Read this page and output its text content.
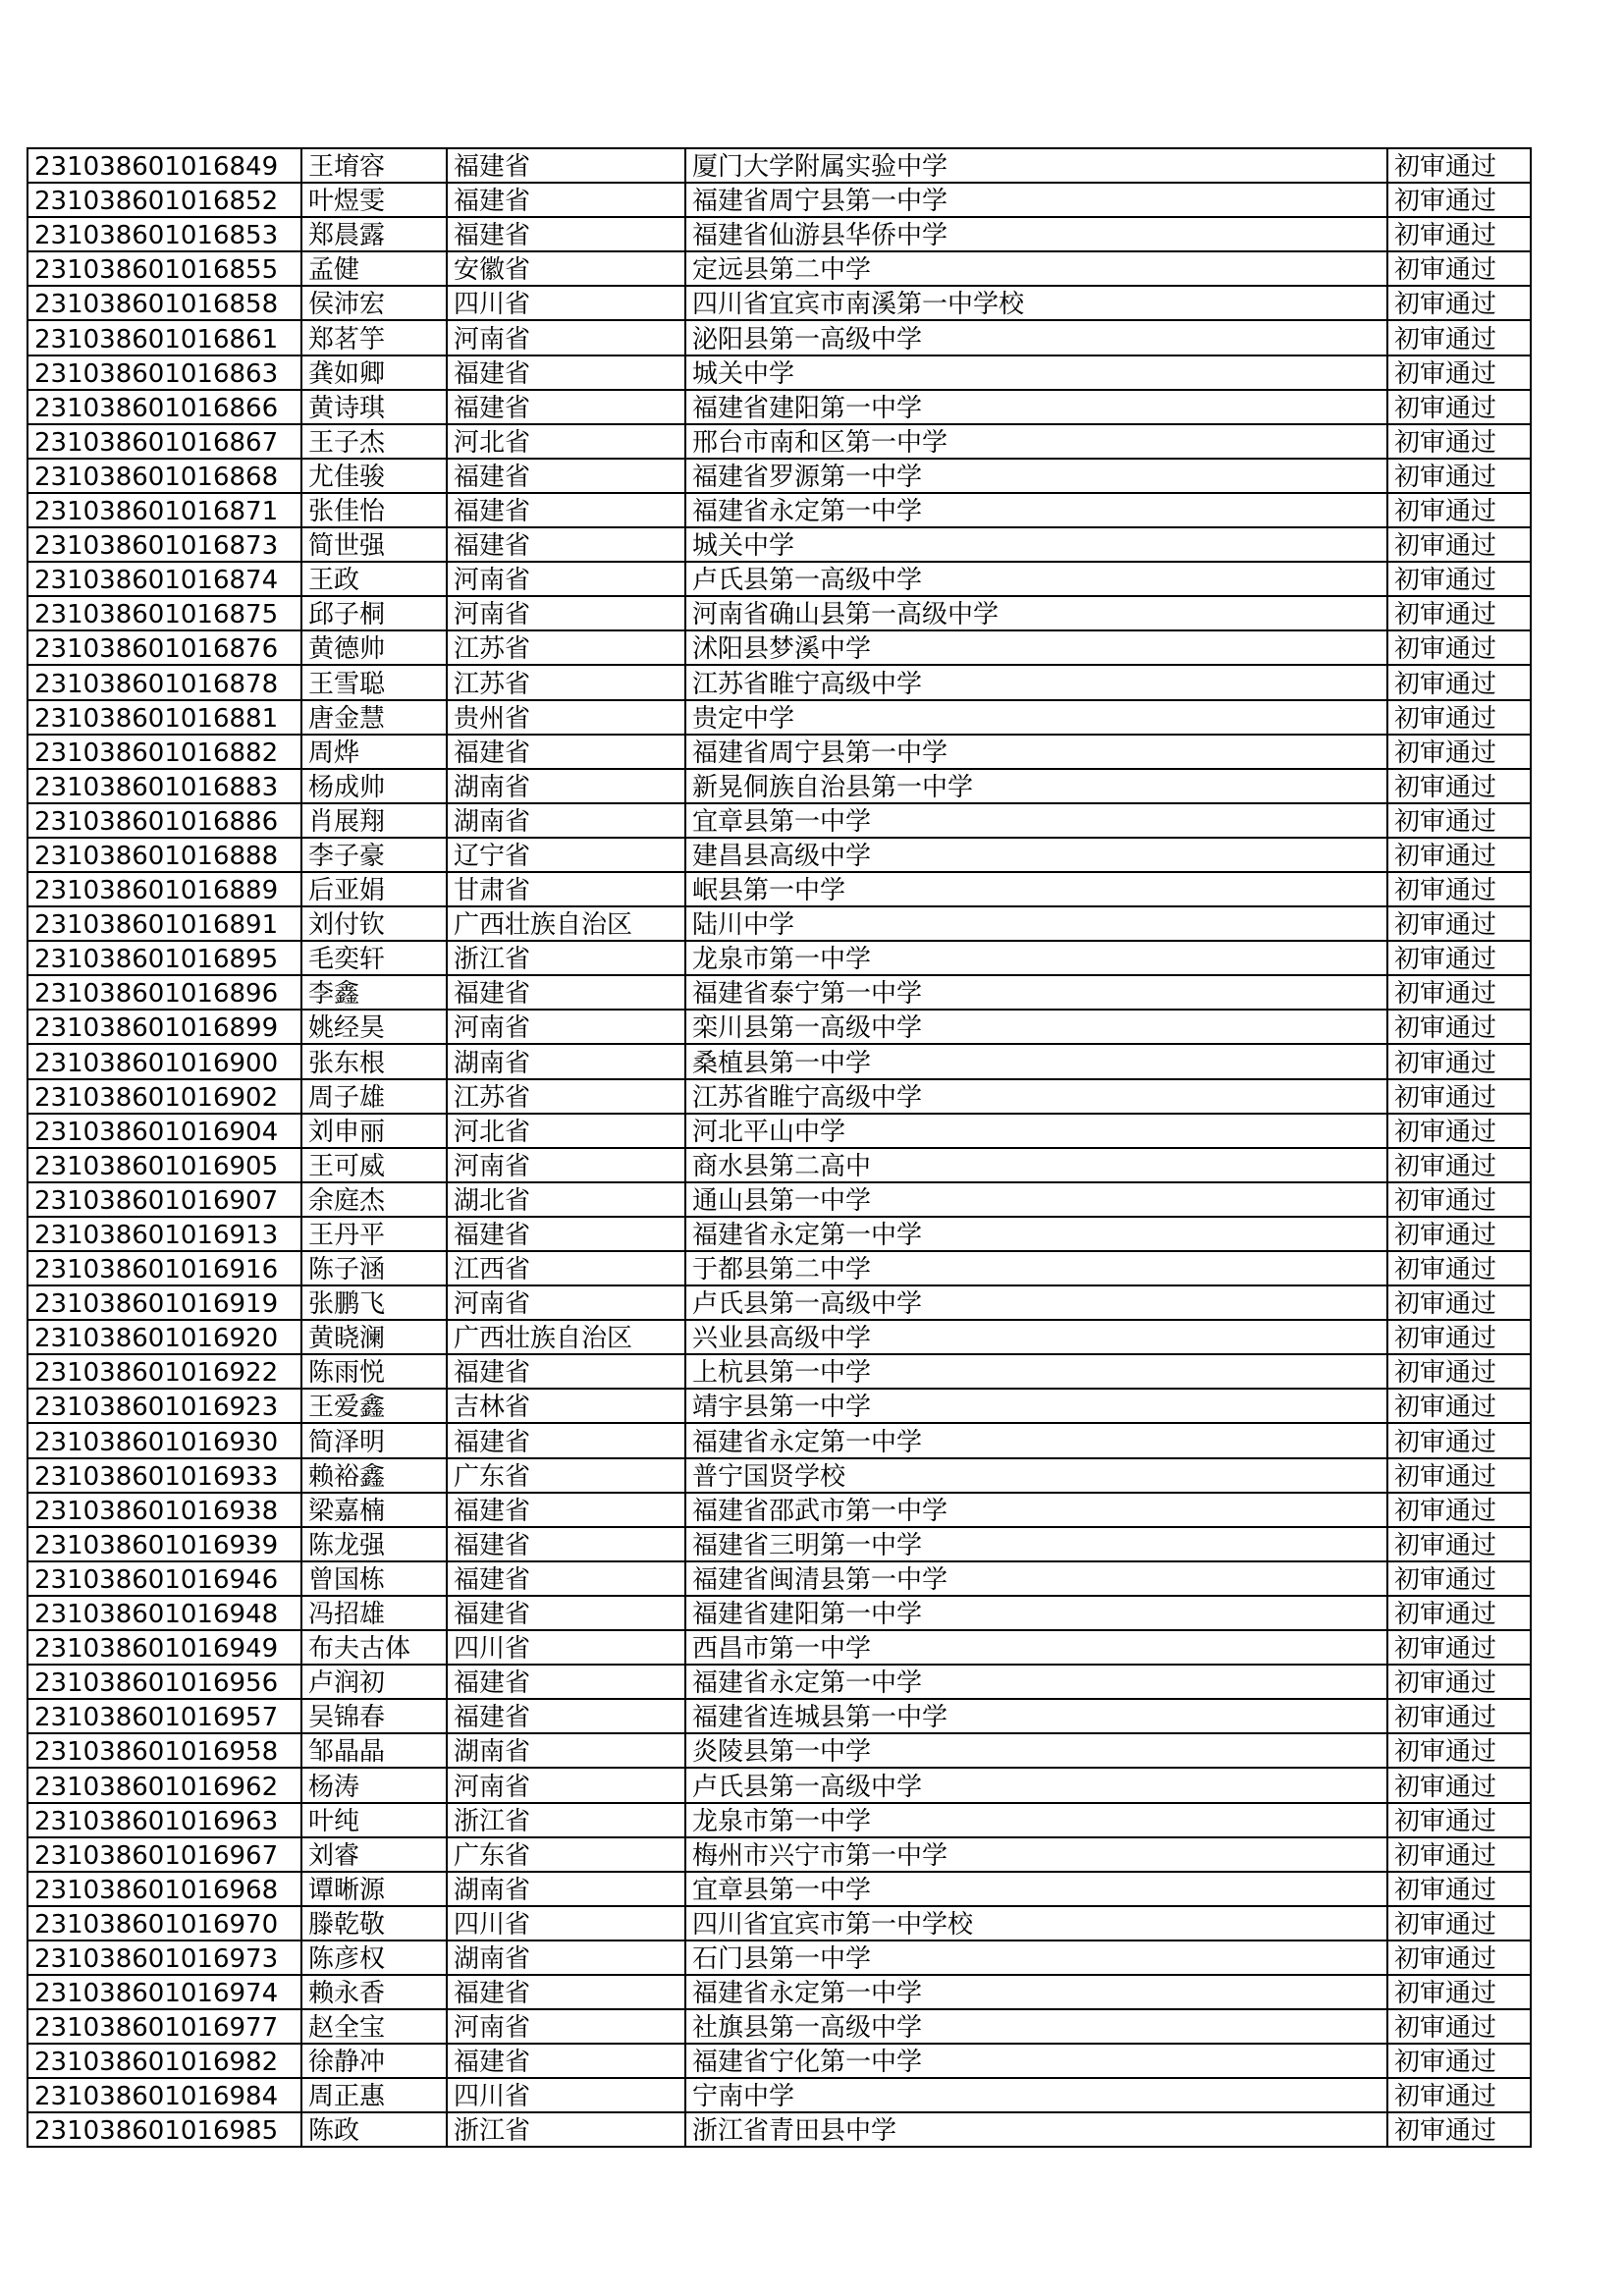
231038601016849	王堉容	福建省	厦门大学附属实验中学	初审通过	
231038601016852	叶煜雯	福建省	福建省周宁县第一中学	初审通过	
231038601016853	郑晨露	福建省	福建省仙游县华侨中学	初审通过	
231038601016855	孟健	安徽省	定远县第二中学	初审通过	
231038601016858	侯沛宏	四川省	四川省宜宾市南溪第一中学校	初审通过	
231038601016861	郑茗竽	河南省	泌阳县第一高级中学	初审通过	
231038601016863	龚如卿	福建省	城关中学	初审通过	
231038601016866	黄诗琪	福建省	福建省建阳第一中学	初审通过	
231038601016867	王子杰	河北省	邢台市南和区第一中学	初审通过	
231038601016868	尤佳骏	福建省	福建省罗源第一中学	初审通过	
231038601016871	张佳怡	福建省	福建省永定第一中学	初审通过	
231038601016873	简世强	福建省	城关中学	初审通过	
231038601016874	王政	河南省	卢氏县第一高级中学	初审通过	
231038601016875	邱子桐	河南省	河南省确山县第一高级中学	初审通过	
231038601016876	黄德帅	江苏省	沭阳县梦溪中学	初审通过	
231038601016878	王雪聪	江苏省	江苏省睢宁高级中学	初审通过	
231038601016881	唐金慧	贵州省	贵定中学	初审通过	
231038601016882	周烨	福建省	福建省周宁县第一中学	初审通过	
231038601016883	杨成帅	湖南省	新晃侗族自治县第一中学	初审通过	
231038601016886	肖展翔	湖南省	宜章县第一中学	初审通过	
231038601016888	李子豪	辽宁省	建昌县高级中学	初审通过	
231038601016889	后亚娟	甘肃省	岷县第一中学	初审通过	
231038601016891	刘付钦	广西壮族自治区	陆川中学	初审通过	
231038601016895	毛奕轩	浙江省	龙泉市第一中学	初审通过	
231038601016896	李鑫	福建省	福建省泰宁第一中学	初审通过	
231038601016899	姚经昊	河南省	栾川县第一高级中学	初审通过	
231038601016900	张东根	湖南省	桑植县第一中学	初审通过	
231038601016902	周子雄	江苏省	江苏省睢宁高级中学	初审通过	
231038601016904	刘申丽	河北省	河北平山中学	初审通过	
231038601016905	王可威	河南省	商水县第二高中	初审通过	
231038601016907	余庭杰	湖北省	通山县第一中学	初审通过	
231038601016913	王丹平	福建省	福建省永定第一中学	初审通过	
231038601016916	陈子涵	江西省	于都县第二中学	初审通过	
231038601016919	张鹏飞	河南省	卢氏县第一高级中学	初审通过	
231038601016920	黄晓澜	广西壮族自治区	兴业县高级中学	初审通过	
231038601016922	陈雨悦	福建省	上杭县第一中学	初审通过	
231038601016923	王爱鑫	吉林省	靖宇县第一中学	初审通过	
231038601016930	简泽明	福建省	福建省永定第一中学	初审通过	
231038601016933	赖裕鑫	广东省	普宁国贤学校	初审通过	
231038601016938	梁嘉楠	福建省	福建省邵武市第一中学	初审通过	
231038601016939	陈龙强	福建省	福建省三明第一中学	初审通过	
231038601016946	曾国栋	福建省	福建省闽清县第一中学	初审通过	
231038601016948	冯招雄	福建省	福建省建阳第一中学	初审通过	
231038601016949	布夫古体	四川省	西昌市第一中学	初审通过	
231038601016956	卢润初	福建省	福建省永定第一中学	初审通过	
231038601016957	吴锦春	福建省	福建省连城县第一中学	初审通过	
231038601016958	邹晶晶	湖南省	炎陵县第一中学	初审通过	
231038601016962	杨涛	河南省	卢氏县第一高级中学	初审通过	
231038601016963	叶纯	浙江省	龙泉市第一中学	初审通过	
231038601016967	刘睿	广东省	梅州市兴宁市第一中学	初审通过	
231038601016968	谭晰源	湖南省	宜章县第一中学	初审通过	
231038601016970	滕乾敬	四川省	四川省宜宾市第一中学校	初审通过	
231038601016973	陈彦权	湖南省	石门县第一中学	初审通过	
231038601016974	赖永香	福建省	福建省永定第一中学	初审通过	
231038601016977	赵全宝	河南省	社旗县第一高级中学	初审通过	
231038601016982	徐静冲	福建省	福建省宁化第一中学	初审通过	
231038601016984	周正惠	四川省	宁南中学	初审通过	
231038601016985	陈政	浙江省	浙江省青田县中学	初审通过	
